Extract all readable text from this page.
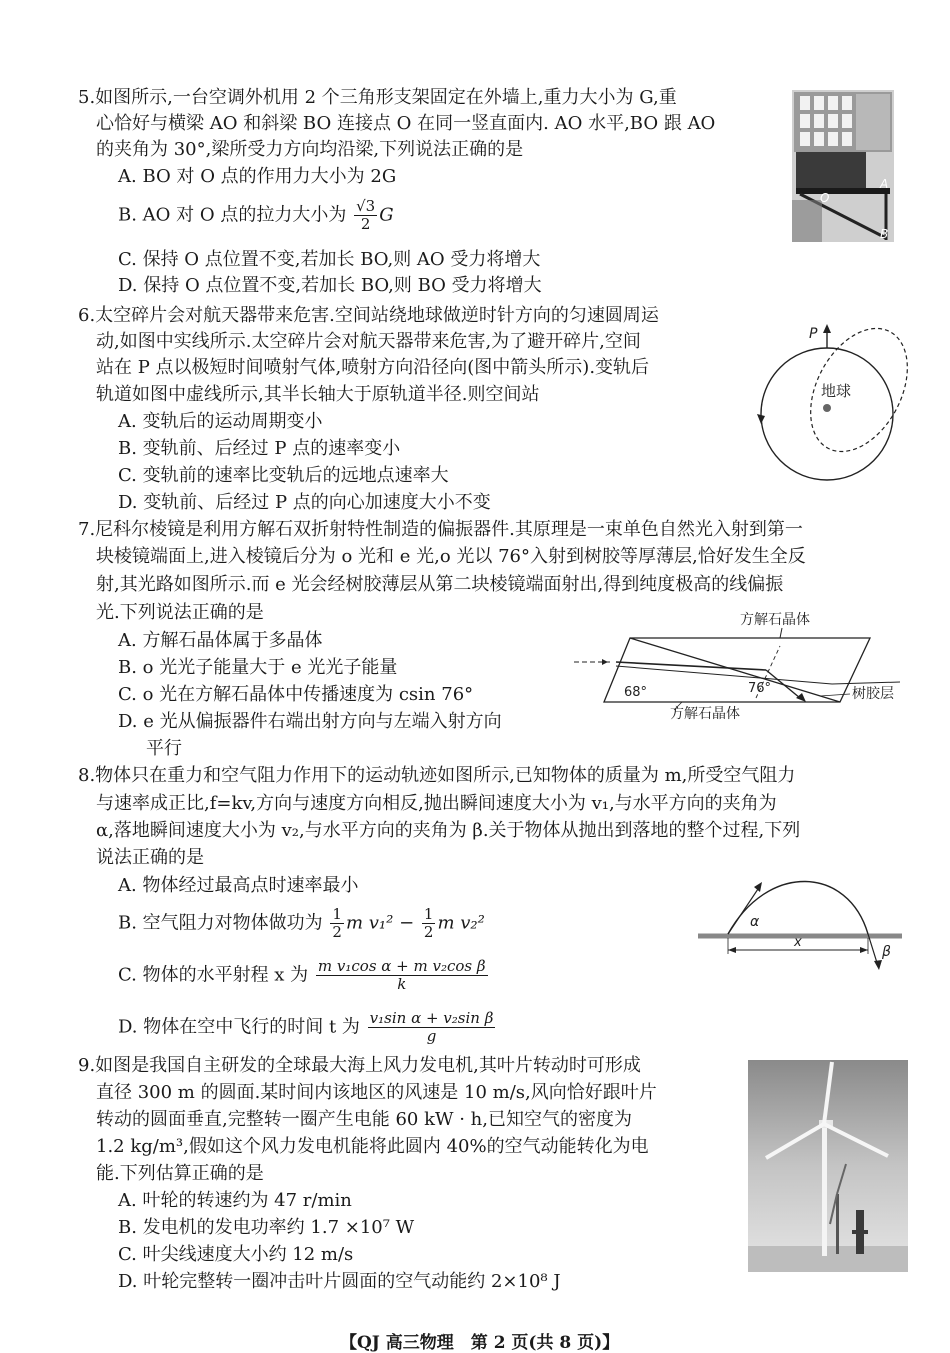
5.如图所示,一台空调外机用 2 个三角形支架固定在外墙上,重力大小为 G,重
心恰好与横梁 AO 和斜梁 BO 连接点 O 在同一竖直面内. AO 水平,BO 跟 AO
的夹角为 30°,梁所受力方向均沿梁,下列说法正确的是
A. BO 对 O 点的作用力大小为 2G
B. AO 对 O 点的拉力大小为 $\frac{√3}{2}$ G
C. 保持 O 点位置不变,若加长 BO,则 AO 受力将增大
D. 保持 O 点位置不变,若加长 BO,则 BO 受力将增大
O
A
B
6.太空碎片会对航天器带来危害.空间站绕地球做逆时针方向的匀速圆周运
动,如图中实线所示.太空碎片会对航天器带来危害,为了避开碎片,空间
站在 P 点以极短时间喷射气体,喷射方向沿径向(图中箭头所示).变轨后
轨道如图中虚线所示,其半长轴大于原轨道半径.则空间站
A. 变轨后的运动周期变小
B. 变轨前、后经过 P 点的速率变小
C. 变轨前的速率比变轨后的远地点速率大
D. 变轨前、后经过 P 点的向心加速度大小不变
地球
P
7.尼科尔棱镜是利用方解石双折射特性制造的偏振器件.其原理是一束单色自然光入射到第一
块棱镜端面上,进入棱镜后分为 o 光和 e 光,o 光以 76°入射到树胶等厚薄层,恰好发生全反
射,其光路如图所示.而 e 光会经树胶薄层从第二块棱镜端面射出,得到纯度极高的线偏振
光.下列说法正确的是
A. 方解石晶体属于多晶体
B. o 光光子能量大于 e 光光子能量
C. o 光在方解石晶体中传播速度为 csin 76°
D. e 光从偏振器件右端出射方向与左端入射方向
平行
方解石晶体
76°
68°	树胶层
方解石晶体
8.物体只在重力和空气阻力作用下的运动轨迹如图所示,已知物体的质量为 m,所受空气阻力
与速率成正比,f=kv,方向与速度方向相反,抛出瞬间速度大小为 v₁,与水平方向的夹角为
α,落地瞬间速度大小为 v₂,与水平方向的夹角为 β.关于物体从抛出到落地的整个过程,下列
说法正确的是
A. 物体经过最高点时速率最小
B. 空气阻力对物体做功为 $\frac{1}{2}$ m $v_1^2 - \frac{1}{2}$ m v₂²
C. 物体的水平射程 x 为 $\frac{\text{m v₁cos α + m v₂cos β}}{k}$
D. 物体在空中飞行的时间 t 为 $\frac{\text{v₁sin α + v₂sin β}}{g}$
α
β
x
9.如图是我国自主研发的全球最大海上风力发电机,其叶片转动时可形成
直径 300 m 的圆面.某时间内该地区的风速是 10 m/s,风向恰好跟叶片
转动的圆面垂直,完整转一圈产生电能 60 kW · h,已知空气的密度为
1.2 kg/m³,假如这个风力发电机能将此圆内 40%的空气动能转化为电
能.下列估算正确的是
A. 叶轮的转速约为 47 r/min
B. 发电机的发电功率约 1.7 ×10⁷ W
C. 叶尖线速度大小约 12 m/s
D. 叶轮完整转一圈冲击叶片圆面的空气动能约 2×10⁸ J
【QJ 高三物理　第 2 页(共 8 页)】
